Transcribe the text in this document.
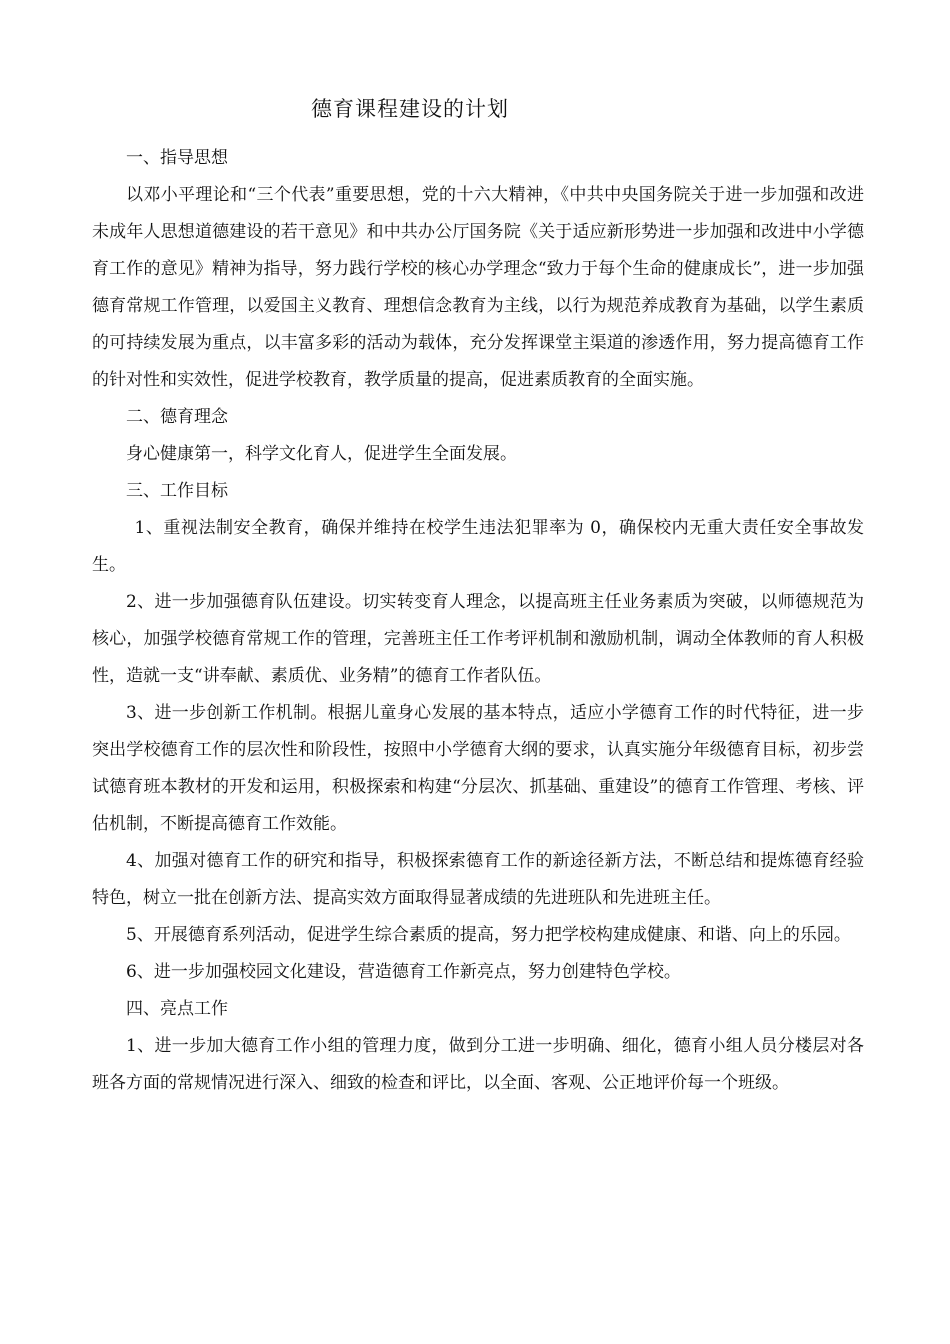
德育课程建设的计划

一、指导思想

以邓小平理论和“三个代表”重要思想，党的十六大精神，《中共中央国务院关于进一步加强和改进未成年人思想道德建设的若干意见》和中共办公厅国务院《关于适应新形势进一步加强和改进中小学德育工作的意见》精神为指导，努力践行学校的核心办学理念“致力于每个生命的健康成长”，进一步加强德育常规工作管理，以爱国主义教育、理想信念教育为主线，以行为规范养成教育为基础，以学生素质的可持续发展为重点，以丰富多彩的活动为载体，充分发挥课堂主渠道的渗透作用，努力提高德育工作的针对性和实效性，促进学校教育，教学质量的提高，促进素质教育的全面实施。

二、德育理念

身心健康第一，科学文化育人，促进学生全面发展。

三、工作目标

1、重视法制安全教育，确保并维持在校学生违法犯罪率为 0，确保校内无重大责任安全事故发生。

2、进一步加强德育队伍建设。切实转变育人理念，以提高班主任业务素质为突破，以师德规范为核心，加强学校德育常规工作的管理，完善班主任工作考评机制和激励机制，调动全体教师的育人积极性，造就一支“讲奉献、素质优、业务精”的德育工作者队伍。

3、进一步创新工作机制。根据儿童身心发展的基本特点，适应小学德育工作的时代特征，进一步突出学校德育工作的层次性和阶段性，按照中小学德育大纲的要求，认真实施分年级德育目标，初步尝试德育班本教材的开发和运用，积极探索和构建“分层次、抓基础、重建设”的德育工作管理、考核、评估机制，不断提高德育工作效能。

4、加强对德育工作的研究和指导，积极探索德育工作的新途径新方法，不断总结和提炼德育经验特色，树立一批在创新方法、提高实效方面取得显著成绩的先进班队和先进班主任。

5、开展德育系列活动，促进学生综合素质的提高，努力把学校构建成健康、和谐、向上的乐园。

6、进一步加强校园文化建设，营造德育工作新亮点，努力创建特色学校。

四、亮点工作

1、进一步加大德育工作小组的管理力度，做到分工进一步明确、细化，德育小组人员分楼层对各班各方面的常规情况进行深入、细致的检查和评比，以全面、客观、公正地评价每一个班级。
